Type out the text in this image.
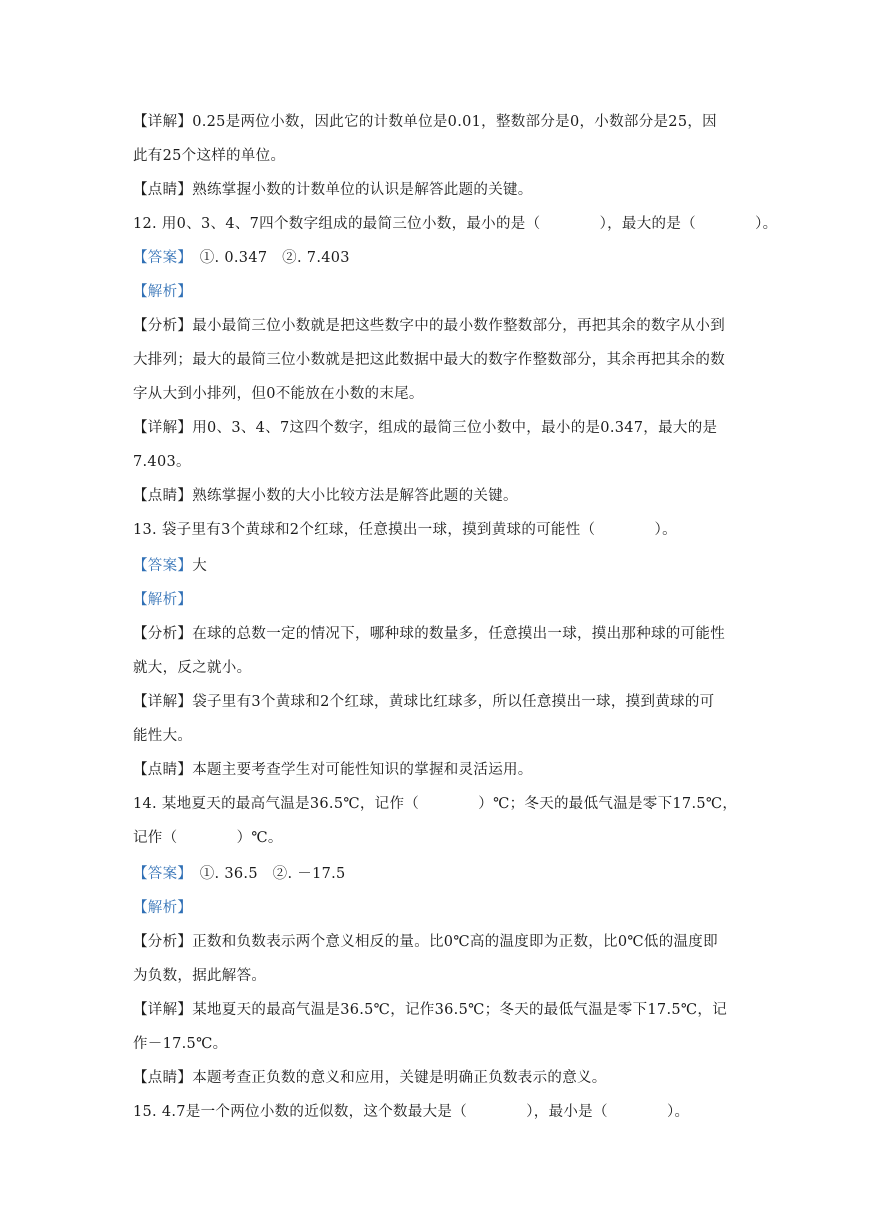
【详解】0.25是两位小数，因此它的计数单位是0.01，整数部分是0，小数部分是25，因
此有25个这样的单位。
【点睛】熟练掌握小数的计数单位的认识是解答此题的关键。
12. 用0、3、4、7四个数字组成的最简三位小数，最小的是（　　　　），最大的是（　　　　）。
【答案】　①. 0.347　②. 7.403
【解析】
【分析】最小最简三位小数就是把这些数字中的最小数作整数部分，再把其余的数字从小到
大排列；最大的最简三位小数就是把这此数据中最大的数字作整数部分，其余再把其余的数
字从大到小排列，但0不能放在小数的末尾。
【详解】用0、3、4、7这四个数字，组成的最简三位小数中，最小的是0.347，最大的是
7.403。
【点睛】熟练掌握小数的大小比较方法是解答此题的关键。
13. 袋子里有3个黄球和2个红球，任意摸出一球，摸到黄球的可能性（　　　　）。
【答案】大
【解析】
【分析】在球的总数一定的情况下，哪种球的数量多，任意摸出一球，摸出那种球的可能性
就大，反之就小。
【详解】袋子里有3个黄球和2个红球，黄球比红球多，所以任意摸出一球，摸到黄球的可
能性大。
【点睛】本题主要考查学生对可能性知识的掌握和灵活运用。
14. 某地夏天的最高气温是36.5℃，记作（　　　　）℃；冬天的最低气温是零下17.5℃，
记作（　　　　）℃。
【答案】　①. 36.5　②. －17.5
【解析】
【分析】正数和负数表示两个意义相反的量。比0℃高的温度即为正数，比0℃低的温度即
为负数，据此解答。
【详解】某地夏天的最高气温是36.5℃，记作36.5℃；冬天的最低气温是零下17.5℃，记
作－17.5℃。
【点睛】本题考查正负数的意义和应用，关键是明确正负数表示的意义。
15. 4.7是一个两位小数的近似数，这个数最大是（　　　　），最小是（　　　　）。
